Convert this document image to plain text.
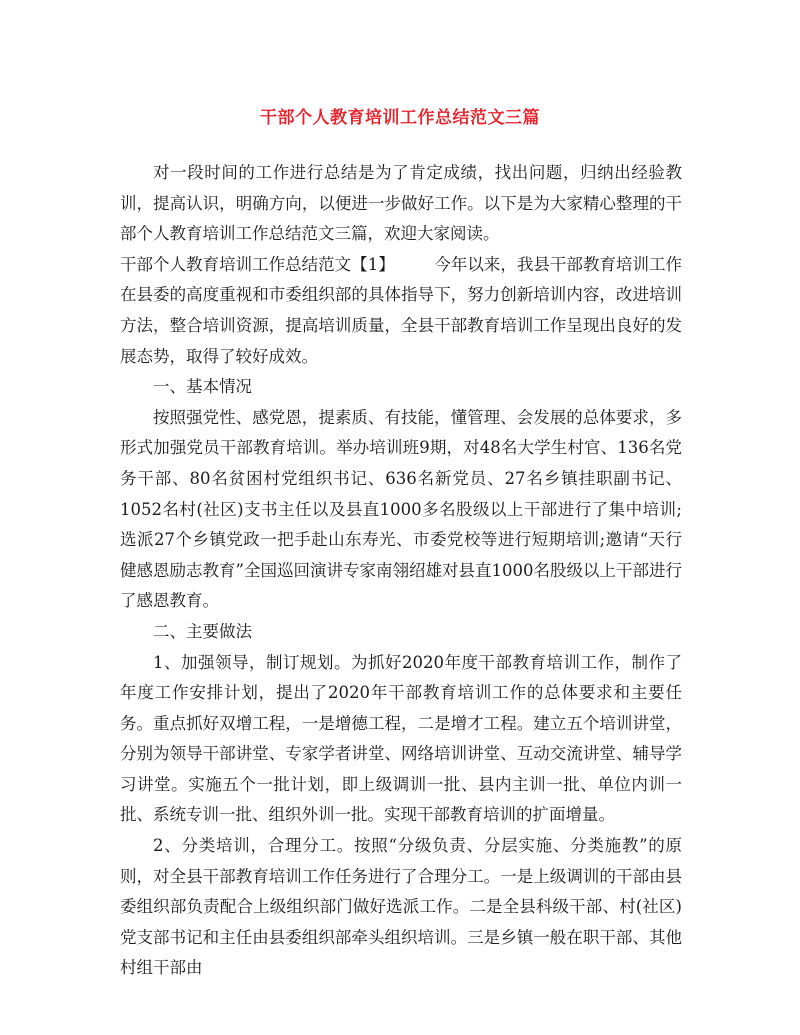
干部个人教育培训工作总结范文三篇

对一段时间的工作进行总结是为了肯定成绩，找出问题，归纳出经验教训，提高认识，明确方向，以便进一步做好工作。以下是为大家精心整理的干部个人教育培训工作总结范文三篇，欢迎大家阅读。

干部个人教育培训工作总结范文【1】 今年以来，我县干部教育培训工作在县委的高度重视和市委组织部的具体指导下，努力创新培训内容，改进培训方法，整合培训资源，提高培训质量，全县干部教育培训工作呈现出良好的发展态势，取得了较好成效。

一、基本情况

按照强党性、感党恩，提素质、有技能，懂管理、会发展的总体要求，多形式加强党员干部教育培训。举办培训班9期，对48名大学生村官、136名党务干部、80名贫困村党组织书记、636名新党员、27名乡镇挂职副书记、1052名村(社区)支书主任以及县直1000多名股级以上干部进行了集中培训;选派27个乡镇党政一把手赴山东寿光、市委党校等进行短期培训;邀请“天行健感恩励志教育”全国巡回演讲专家南翎绍雄对县直1000名股级以上干部进行了感恩教育。

二、主要做法

1、加强领导，制订规划。为抓好2020年度干部教育培训工作，制作了年度工作安排计划，提出了2020年干部教育培训工作的总体要求和主要任务。重点抓好双增工程，一是增德工程，二是增才工程。建立五个培训讲堂，分别为领导干部讲堂、专家学者讲堂、网络培训讲堂、互动交流讲堂、辅导学习讲堂。实施五个一批计划，即上级调训一批、县内主训一批、单位内训一批、系统专训一批、组织外训一批。实现干部教育培训的扩面增量。

2、分类培训，合理分工。按照“分级负责、分层实施、分类施教”的原则，对全县干部教育培训工作任务进行了合理分工。一是上级调训的干部由县委组织部负责配合上级组织部门做好选派工作。二是全县科级干部、村(社区)党支部书记和主任由县委组织部牵头组织培训。三是乡镇一般在职干部、其他村组干部由
